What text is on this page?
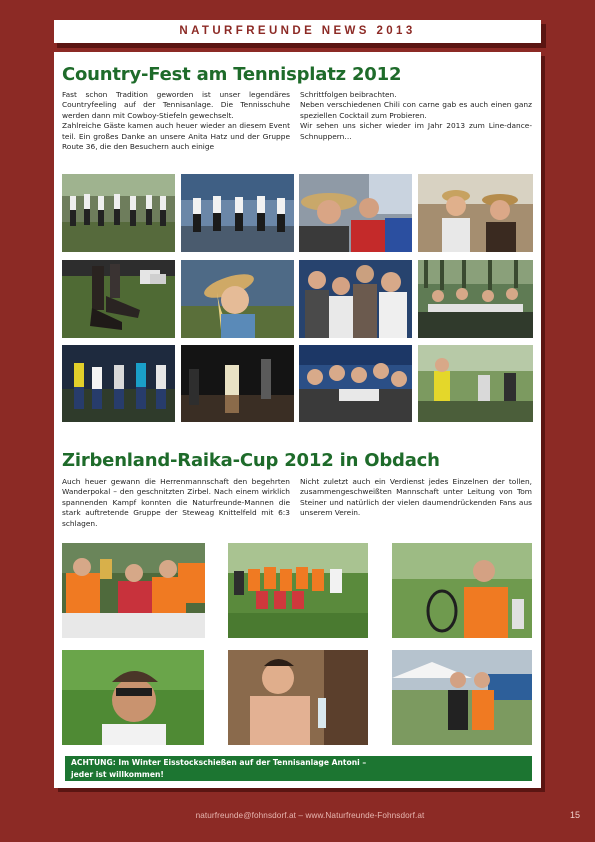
NATURFREUNDE NEWS 2013
Country-Fest am Tennisplatz 2012

Fast schon Tradition geworden ist unser legendäres Countryfeeling auf der Tennisanlage. Die Tennisschuhe werden dann mit Cowboy-Stiefeln gewechselt.

Zahlreiche Gäste kamen auch heuer wieder an diesem Event teil. Ein großes Danke an unsere Anita Hatz und der Gruppe Route 36, die den Besuchern auch einige

Schrittfolgen beibrachten.

Neben verschiedenen Chili con carne gab es auch einen ganz speziellen Cocktail zum Probieren.

Wir sehen uns sicher wieder im Jahr 2013 zum Line-dance-Schnuppern…

Zirbenland-Raika-Cup 2012 in Obdach

Auch heuer gewann die Herrenmannschaft den begehrten Wanderpokal – den geschnitzten Zirbel. Nach einem wirklich spannenden Kampf konnten die Naturfreunde-Mannen die stark auftretende Gruppe der Steweag Knittelfeld mit 6:3 schlagen.

Nicht zuletzt auch ein Verdienst jedes Einzelnen der tollen, zusammengeschweißten Mannschaft unter Leitung von Tom Steiner und natürlich der vielen daumendrückenden Fans aus unserem Verein.

ACHTUNG: Im Winter Eisstockschießen auf der Tennisanlage Antoni –
jeder ist willkommen!
naturfreunde@fohnsdorf.at – www.Naturfreunde-Fohnsdorf.at	15
